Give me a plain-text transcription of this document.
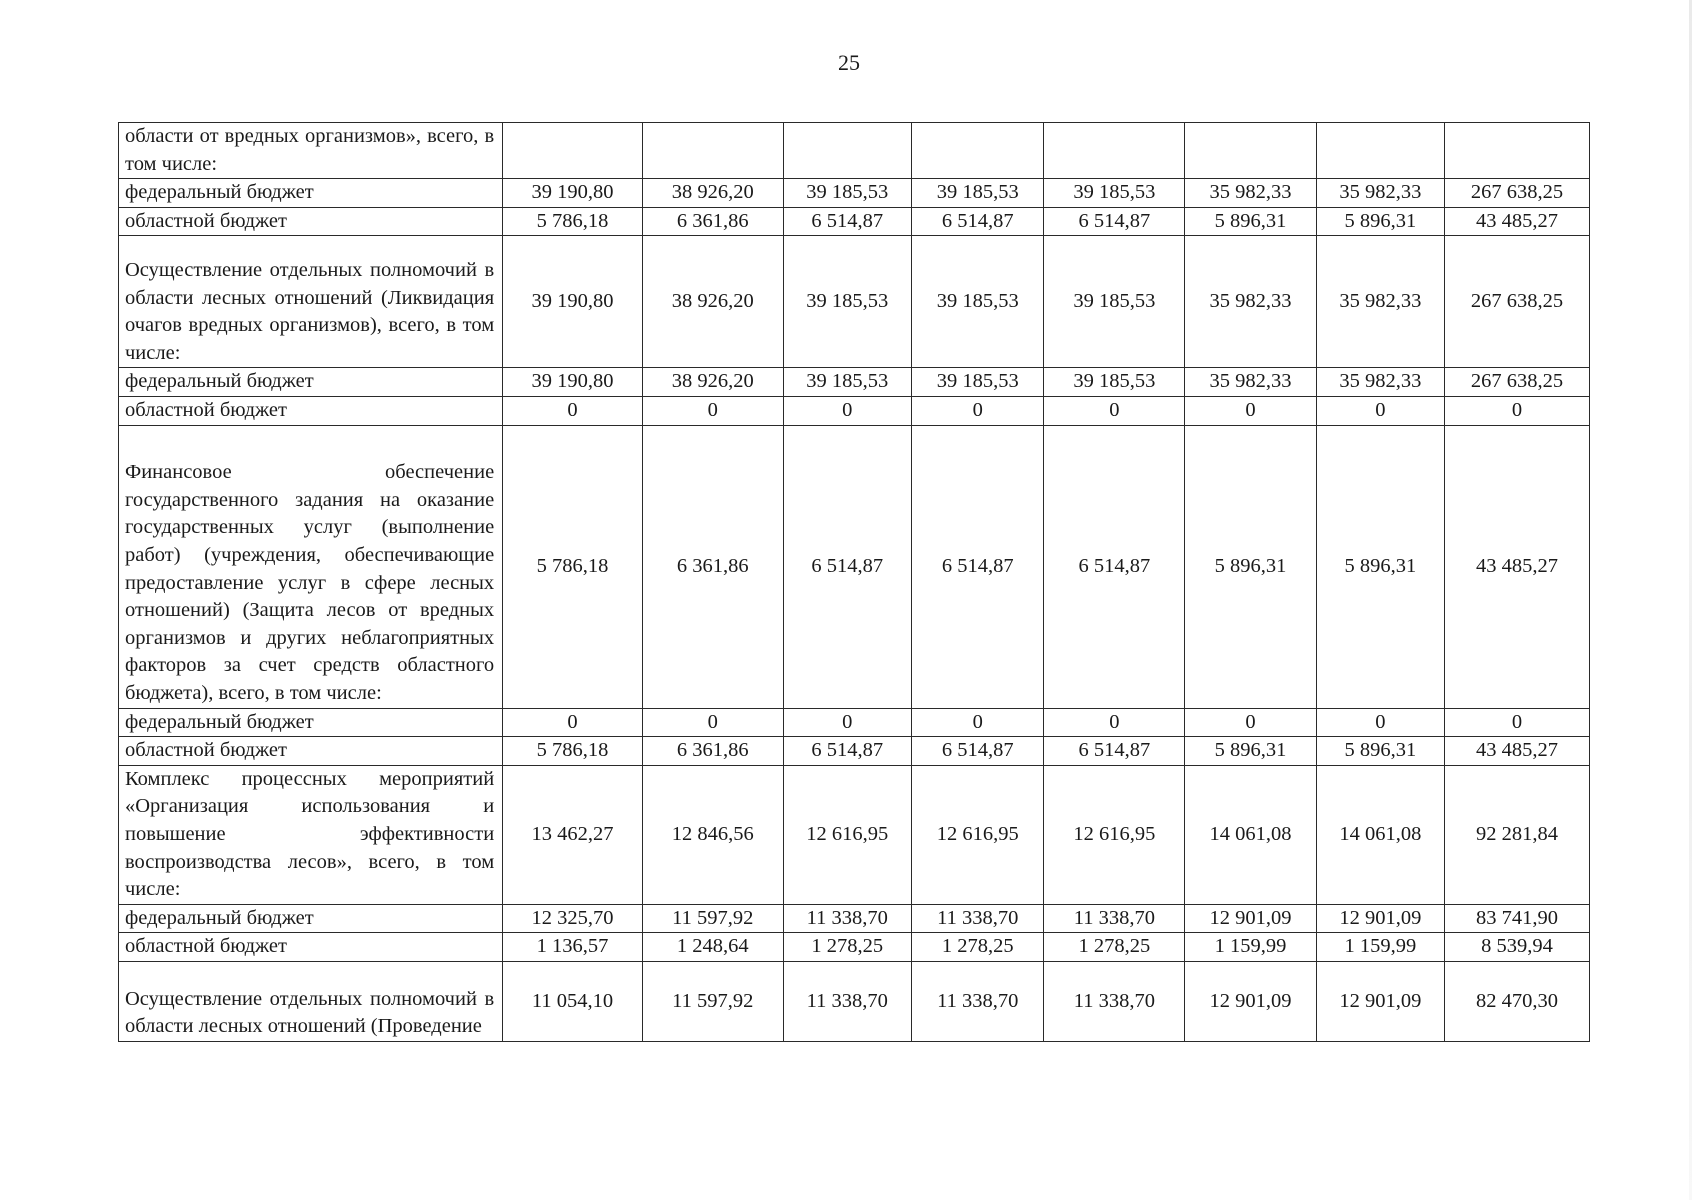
25
области от вредных организмов», всего, в том числе:								
федеральный бюджет	39 190,80	38 926,20	39 185,53	39 185,53	39 185,53	35 982,33	35 982,33	267 638,25
областной бюджет	5 786,18	6 361,86	6 514,87	6 514,87	6 514,87	5 896,31	5 896,31	43 485,27
Осуществление отдельных полномочий в области лесных отношений (Ликвидация очагов вредных организмов), всего, в том числе:	39 190,80	38 926,20	39 185,53	39 185,53	39 185,53	35 982,33	35 982,33	267 638,25
федеральный бюджет	39 190,80	38 926,20	39 185,53	39 185,53	39 185,53	35 982,33	35 982,33	267 638,25
областной бюджет	0	0	0	0	0	0	0	0
Финансовое обеспечение государственного задания на оказание государственных услуг (выполнение работ) (учреждения, обеспечивающие предоставление услуг в сфере лесных отношений) (Защита лесов от вредных организмов и других неблагоприятных факторов за счет средств областного бюджета), всего, в том числе:	5 786,18	6 361,86	6 514,87	6 514,87	6 514,87	5 896,31	5 896,31	43 485,27
федеральный бюджет	0	0	0	0	0	0	0	0
областной бюджет	5 786,18	6 361,86	6 514,87	6 514,87	6 514,87	5 896,31	5 896,31	43 485,27
Комплекс процессных мероприятий «Организация использования и повышение эффективности воспроизводства лесов», всего, в том числе:	13 462,27	12 846,56	12 616,95	12 616,95	12 616,95	14 061,08	14 061,08	92 281,84
федеральный бюджет	12 325,70	11 597,92	11 338,70	11 338,70	11 338,70	12 901,09	12 901,09	83 741,90
областной бюджет	1 136,57	1 248,64	1 278,25	1 278,25	1 278,25	1 159,99	1 159,99	8 539,94
Осуществление отдельных полномочий в области лесных отношений (Проведение	11 054,10	11 597,92	11 338,70	11 338,70	11 338,70	12 901,09	12 901,09	82 470,30
